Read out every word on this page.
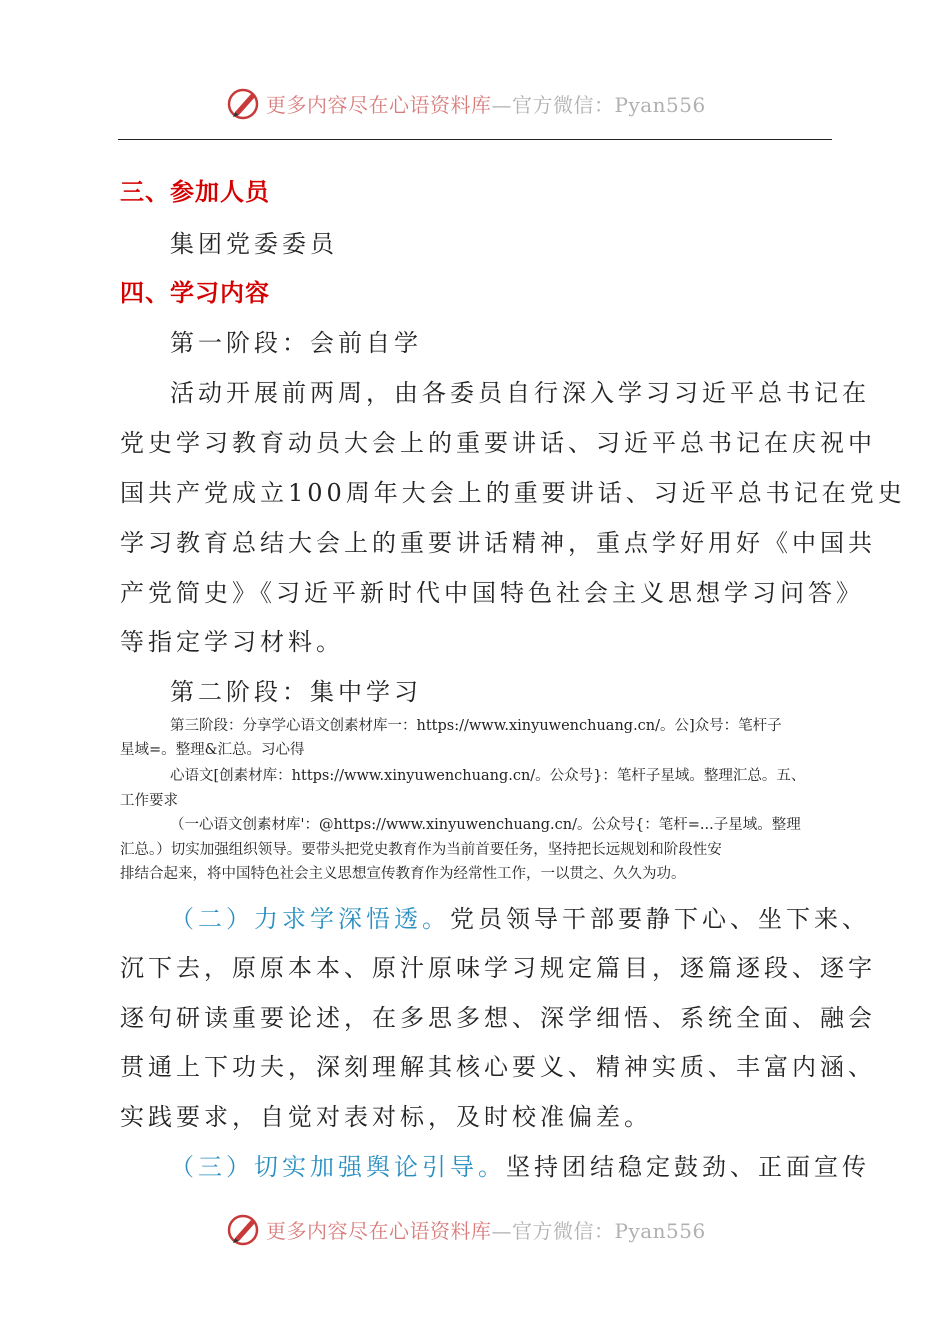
更多内容尽在心语资料库—官方微信：Pyan556

三、参加人员

集团党委委员

四、学习内容

第一阶段：会前自学

活动开展前两周，由各委员自行深入学习习近平总书记在

党史学习教育动员大会上的重要讲话、习近平总书记在庆祝中

国共产党成立100周年大会上的重要讲话、习近平总书记在党史

学习教育总结大会上的重要讲话精神，重点学好用好《中国共

产党简史》《习近平新时代中国特色社会主义思想学习问答》

等指定学习材料。

第二阶段：集中学习

第三阶段：分享学心语文创素材库一：https://www.xinyuwenchuang.cn/。公]众号：笔杆子

星域=。整理&汇总。习心得

心语文[创素材库：https://www.xinyuwenchuang.cn/。公众号}：笔杆子星域。整理汇总。五、

工作要求

（一心语文创素材库'：@https://www.xinyuwenchuang.cn/。公众号{：笔杆=...子星域。整理

汇总。）切实加强组织领导。要带头把党史教育作为当前首要任务，坚持把长远规划和阶段性安

排结合起来，将中国特色社会主义思想宣传教育作为经常性工作，一以贯之、久久为功。

（二）力求学深悟透。党员领导干部要静下心、坐下来、

沉下去，原原本本、原汁原味学习规定篇目，逐篇逐段、逐字

逐句研读重要论述，在多思多想、深学细悟、系统全面、融会

贯通上下功夫，深刻理解其核心要义、精神实质、丰富内涵、

实践要求，自觉对表对标，及时校准偏差。

（三）切实加强舆论引导。坚持团结稳定鼓劲、正面宣传

更多内容尽在心语资料库—官方微信：Pyan556
